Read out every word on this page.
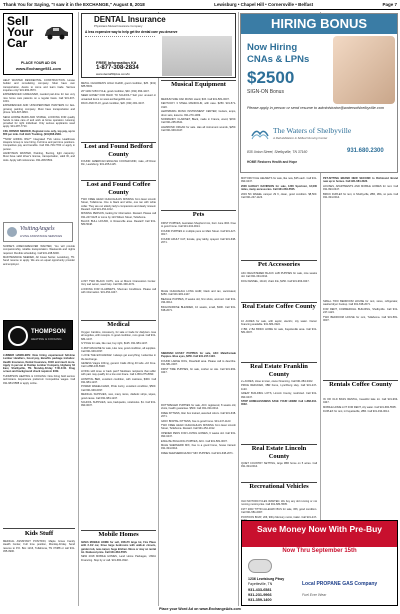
Thank You for Saying, "I saw it in the EXCHANGE," August 8, 2018	Lewisburg • Chapel Hill • Cornersville • Belfast	Page 7
Sell
Your
Car
PLACE YOUR AD ON
www.Exchange931.com

HELP WANTED RESIDENTIAL CONSTRUCTION. House builder and remodeling company. Must have own transportation, desire to come and learn trade. Serious inquiries only! 931-993-0573.

EXPERIENCED CAREGIVER, needed part-time for two very nice home care patients on a regular basis. Call 931-307-1001.

EXPERIENCED AND UNSUPERVISED PAINTERS for fast-growing painting company. Must have transportation and phone. 931-607-9816.

SENA HORSE BARN AND STABLE, LOOKING FOR quality hands to take care of and work at horse operation. Housing provided for right individual. Only serious applicants need apply. 931-287-7710.

CDL DRIVER NEEDED, Regional runs only, top pay, up to $50 per mile. Call Hoth Trucking, (931)368-2939.

**NOW HIRING RNs** Integrated TVA Home Healthcare Hospice Group is now hiring. Full time and part time positions. Competitive pay and benefits. Call 931-729-7700 or apply in person.

HANDYMAN WANTED, Painting, flooring, light carpentry. Must have valid driver's license, transportation, valid ID, and tools. Apply with references. 931-208-5502.

VisitingAngels
LIVING ASSISTANCE SERVICES

NURSE'S AIDE/CAREGIVER WANTED, You will provide companionship, reliable transportation. Weekends and nights required. Flexible scheduling. Call 931-238-6000.

MAINTENANCE NEEDED, All Coast Seizer. Lewisburg, TN. Send resume to apply. We are an equal opportunity provider and employer.

THOMPSON
HEATING & COOLING

LUMBER HANDLERS: Now hiring experienced full-time Lumber Handlers, Good pay, Benefits package includes: Health Insurance, Dental Insurance, 401K and much more. Apply in person at Dunlap Lumber Company, Highway 64 East, Shelbyville, TN. Monday-Friday 7:00-3:30. Drug screen and background check required. EOE.

THOMPSON HEATING & COOLING: Now hiring field service technicians. Experience preferred. Competitive wages. Call 931-684-5588 or apply online.

Kids Stuff

MEDICAL ASSISTANT POSITION, Maple Grove Family Health Center, Full time position, Monday-Friday. Send resume to P.O. Box 1216, Tullahoma, TN 37388 or call 931-455-0900.

DENTAL Insurance
Physicians Mutual Insurance Company
A less expensive way to help get the dental care you deserve
FREE Information Kit
1-877-308-2834
www.dental50plus.com/tn

METAL CHILDREN'S HIGH CHAIR, good condition, $25. (931) 685-5503.

26" GIRL'S BICYCLE, good condition, $40. (931) 993-4447.

NEED HOME? FOR BACK TO SCHOOL? Sell your unused or unwanted items on www.exchange931.com.

PACK AND PLAY, good condition, $20. (931) 001-3247.

Lost and Found Bedford County

FOUND: AMERICAN ENGLISH COONHOUND, male, off Dixon Rd., Lewisburg. 931-265-1125.

Lost and Found Coffee County

TWO FREE HEAD CHIHUAHUAS MISSING from East Lincoln Street, Tullahoma. One is black and white, one tan with white collar. They are our elderly lady's companions and dearly missed. Reward. Call 931-454-1012.

MISSING PERSON, looking for information. Reward. Please call 931-247-9125 or come by 124 Wilson Street, Tullahoma.

BLACK BULL HOUND, in Rosenville area. Reward! Call 931-580-5048.

LOST TWO BLACK CATS, one at Mount Cranestown Center. Very sad owner, need help. Call 931-390-4471.

LOOKING FOR CLARINETS, Sherman Conditions. Please call with information. 931-454-4447.

Medical

Oxygen Caroline, Accessory, for sale or trade for dialyzers. Has all supplies, with receipts. In good condition, runs great. Call 931-684-1247.

IV POLE for sale, like new, buy right, $125. 931-684-1247.

C-PAP MACHINE for sale, Like new, good condition, all supplies. Call 931-993-0037.

I LOVE THE EXCHANGE! I always get everything I advertise in the Exchange.

GENEVA Viagra 100mg, generic Cialis 20mg 40 tabs +10 Free. Call 1-888-445-5928.

LIVING with knee or back pain? Medicare recipients that suffer with pain may qualify for a low cost brace. Call 1-800-275-8093.

HOSPITAL BED, excellent condition, with mattress, $300. Call 931-684-1247.

POWER WHEELCHAIR, Pride Jazzy, excellent condition, $500. Call 931-993-0037.

MEDICAL SUPPLIES, new, many items, diabetic strips, wipes, good cause. Call 931-684-1247.

SCHOOL SUPPLIES, new, backpacks, notebooks. $1. Call 931-993-0037.

Mobile Homes

3/2bth MOBILE HOME for sell, 16ftx70 large lot, Fire Place with 2-1/2 car, three large bedrooms with walk-in closets, garden tub, new carpet, huge kitchen. Move or stay on rental lot. Reduced price. Call 931-684-5505.

NEW 2018 MOBILE HOMES, Land Home Packages, USDA Financing. Stop by or call. 931-684-3322.

Musical Equipment

MEDIUM SIZE OAK MUSIC stand, $15. Call 931-581-0007.

KENTUCKY 3 STEEL MANDOLIN, with case. $250. 931-571-3120.

LEWISBURG MUSIC INSTRUMENT CENTER, Guitars, amps, drum sets, lessons. 931-270-1009.

NORMANDY CLARINET, Black, made in France, wood, $150. Call 931-295-6641.

HAMMOND ORGAN for sale. Has all instrument sounds, $250. Call 931-993-0447.

Pets

FIRST PUPPIES, Australian Shepherd mix, born June 30th. Free to good home. Call 931-334-0014.

FOUND PUPPIES in multiple pens on Main Street. Call 931-427-0017.

FOUND ADULT CAT, female, gray tabby, spayed. Call 931-638-2071.

MALE CHIHUAHUA LONG HAIR, black and tan, vaccinated, $250. Call 931-993-1447.

BEAGLE PUPPIES, 8 weeks old, first shots, wormed. Call 931-334-0014.

BICHON/FRISE BLENDED, 10 weeks, small, $300. Call 931-638-2071.

SIBERIAN HUSKY PUPPIES for sale, AKC Male/Female Puppies. Blue eyes, $350. Call 931-247-1123.

FOUND LARGE DOG, Rosefield area. Please call to describe. 931-581-0007.

FIRST TIME PUPPIES, for sale, mother on site. Call 931-993-0447.

ROTTWEILER PUPPIES for sale, AKC registered, 8 weeks old, shots, health guarantee. $500. Call 931-334-0014.

FREE KITTENS, litter box trained, assorted colors. Call 931-638-2071.

GRAY BORTAL KITTENS, free to good home. 931-247-1123.

TWO FREE HEAD CHIHUAHUAS MISSING from East Lincoln Street, Tullahoma. Reward. Call 931-454-1012.

OPENED PENS FOR LOVING HOMES, 6 weeks old. Call 931-993-0447.

ENGLISH BULLDOG PUPPIES, AKC. Call 931-581-0007.

MALE SHEPHERD MIX, free to a good home, house trained. 931-334-0014.

FREE SHEPHERD/HUSKY MIX PUPPIES. Call 931-638-2071.

HIRING BONUS
Now Hiring
CNAs & LPNs
$2500
SIGN-ON Bonus
Please apply in person or send resume to administrator@watersofshelbyville.com
The Waters of Shelbyville
A Rehabilitation & Skilled Nursing Center
835 Union Street, Shelbyville, TN 37160	931.680.2300
HOME Restores Health and Hope

MOTORCYCLE HELMETS for sale, like new, $35 each. Call 931-993-0447.

2006 HARLEY DAVIDSON for sale, 1200 Sportster, 12,000 miles, many accessories. Call 931-684-5505.

2003 5th WHEEL camper 29 ft, clean, good condition. $8,500. Call 931-247-1123.

Pet Accessories

AKC REGISTERED BLACK LAB PUPPIES for sale, nine weeks old. Call 931-334-0014.

DOG KENNEL, 10x10, chain link, $150. Call 931-993-0447.

Real Estate Coffee County

10 ACRES for sale, with septic, electric, city water. Owner financing available. 931-684-3322.

3 BR, 2 BA BRICK HOME for sale, Fayetteville area. Call 931-581-0007.

Real Estate Franklin County

2+ ACRES, close to town, owner financing. Call 931-684-3322.

PRICE REDUCED, 3BR home, Lynchburg Hwy. Call 931-247-1123.

GREAT BUILDING LOTS, Lincoln County, restricted. Call 931-993-0447.

STOP HOMELESSNESS SAVE YOUR HOME! Call 1-888-204-0002.

Real Estate Lincoln County

QUIET COUNTRY SETTING, large 3BR home on 5 acres. Call 931-334-0014.

Recreational Vehicles

OLD MOTORCYCLES WANTED. We buy any old running or not running motorcycles. Call 931-684-5505.

1977 2003 TITTIN ALLEGRO BUS for sale, 36ft, good condition. Call 931-581-0007.

PONTOON BOAT, 20ft, 90hp Mercury motor, trailer. Call 931-247-

PET-SITTING BRAND NEW SECOND to Richmond Brand new up to homes. Call 931-684-3322.

HOUSES, APARTMENTS AND MOBILE HOMES for rent. Call 931-993-0447.

BRICK DUPLEX for rent, in Shelbyville, 2BR, 1BA, no pets. Call 931-334-0014.

SMALL TWO BEDROOM HOUSE for rent, stove, refrigerator, washer/dryer hookup. Call 931-638-2071.

FOR RENT, COMMERCIAL BUILDING, Shelbyville. Call 931-247-1123.

TWO BEDROOM HOUSE for rent, Tullahoma. Call 931-581-0007.

Rentals Coffee County

IN OR OLD BASS RENTAL, beautiful lake lot. Call 931-993-0447.

MOBILE HOME LOT FOR RENT, city water. Call 931-684-5505.

DUPLEX for rent, in Fayetteville, 2BR. Call 931-334-0014.

Save Money Now With Pre-Buy
Now Thru September 15th
1236 Lewisburg Pkwy
Fayetteville, TN
931-433-6581
931-231-9966
931-359-1400
Local PROPANE GAS Company
Fuel Ever Wear
Place your Word Ad on www.ExchangeAds.com
